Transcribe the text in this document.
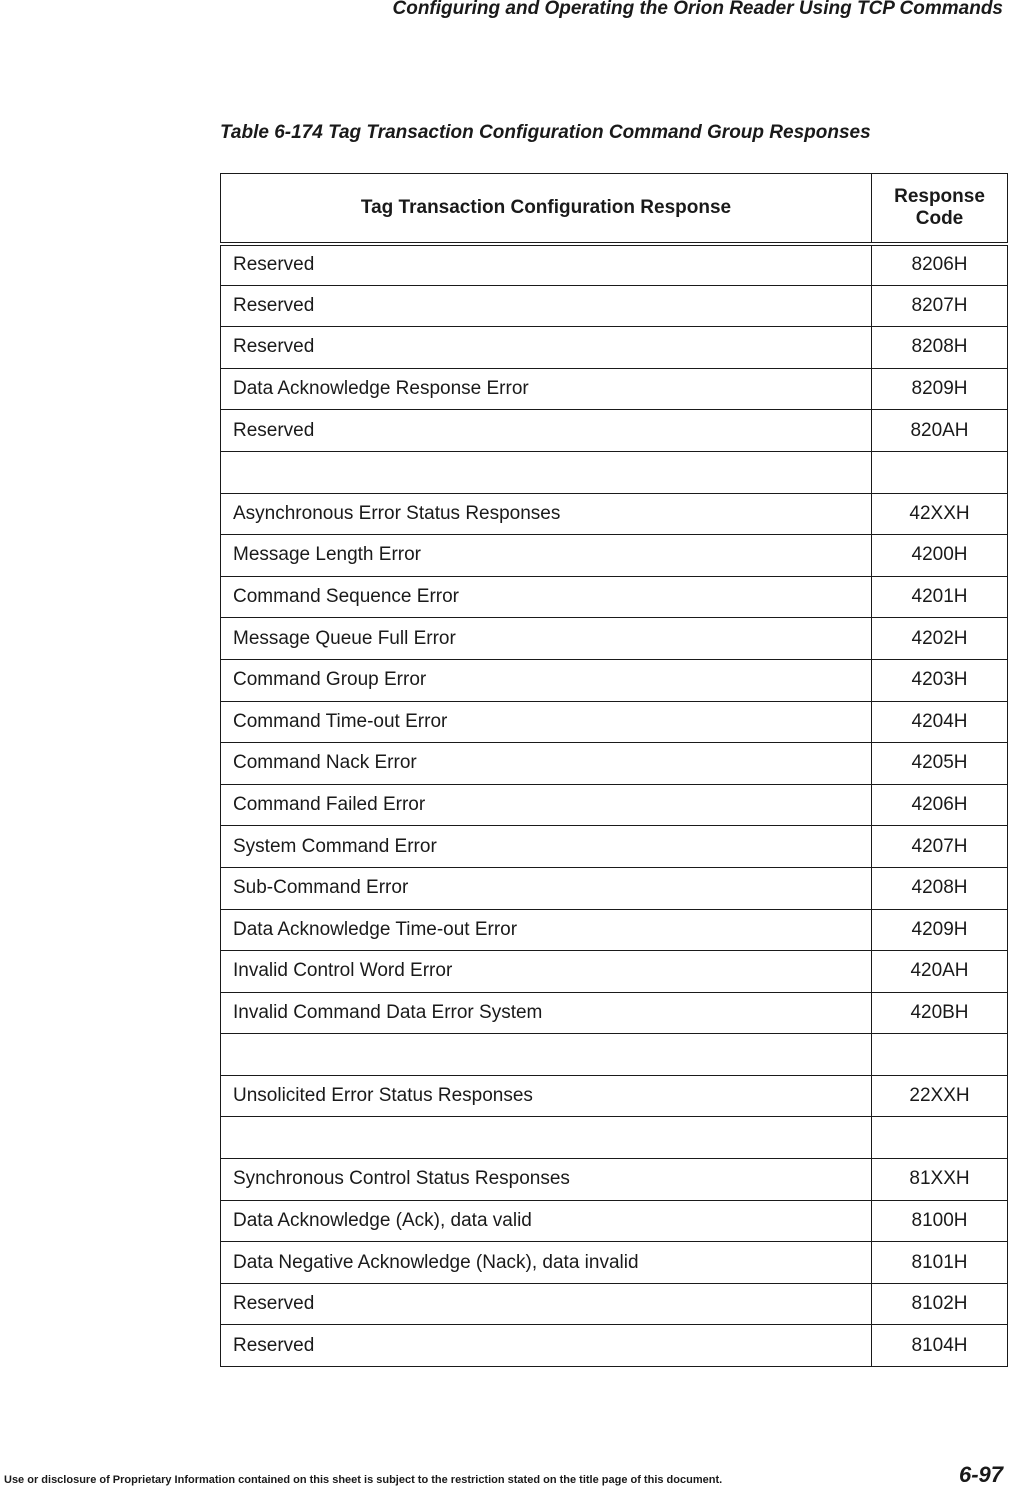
Configuring and Operating the Orion Reader Using TCP Commands
Table 6-174 Tag Transaction Configuration Command Group Responses
Tag Transaction Configuration Response	Response Code
Reserved	8206H
Reserved	8207H
Reserved	8208H
Data Acknowledge Response Error	8209H
Reserved	820AH

Asynchronous Error Status Responses	42XXH
Message Length Error	4200H
Command Sequence Error	4201H
Message Queue Full Error	4202H
Command Group Error	4203H
Command Time-out Error	4204H
Command Nack Error	4205H
Command Failed Error	4206H
System Command Error	4207H
Sub-Command Error	4208H
Data Acknowledge Time-out Error	4209H
Invalid Control Word Error	420AH
Invalid Command Data Error System	420BH

Unsolicited Error Status Responses	22XXH

Synchronous Control Status Responses	81XXH
Data Acknowledge (Ack), data valid	8100H
Data Negative Acknowledge (Nack), data invalid	8101H
Reserved	8102H
Reserved	8104H
Use or disclosure of Proprietary Information contained on this sheet is subject to the restriction stated on the title page of this document.	6-97
